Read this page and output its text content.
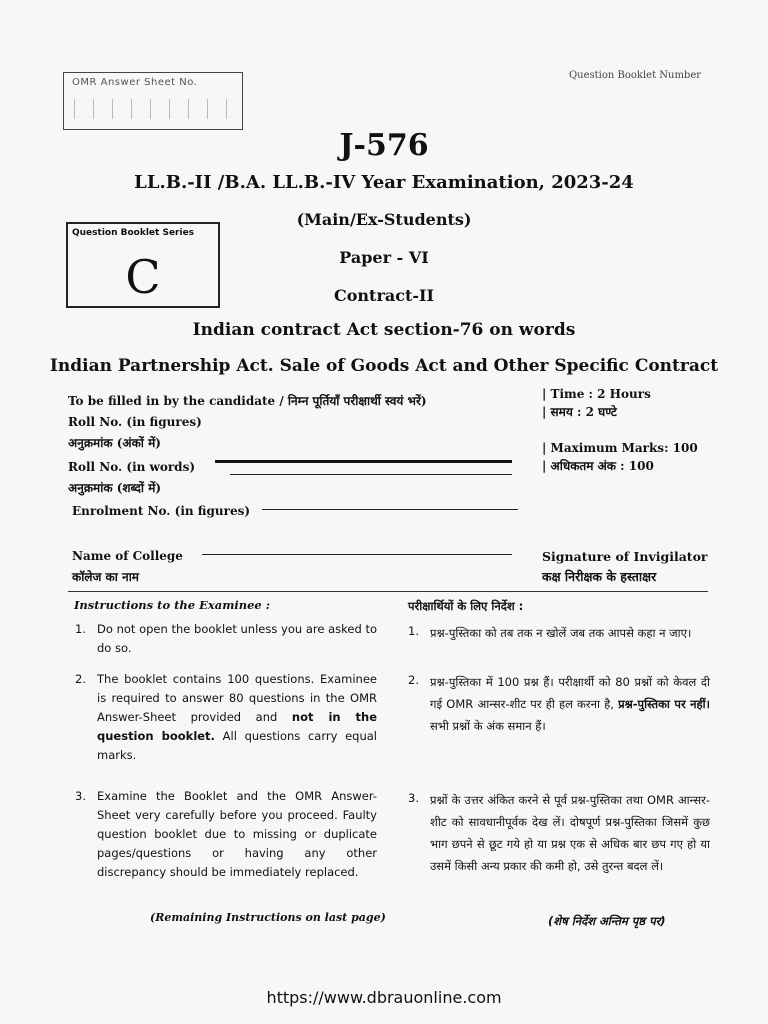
OMR Answer Sheet No.
Question Booklet Number
J-576
LL.B.-II /B.A. LL.B.-IV Year Examination, 2023-24
(Main/Ex-Students)
Paper - VI
Contract-II
Indian contract Act section-76 on words
Indian Partnership Act. Sale of Goods Act and Other Specific Contract
Question Booklet Series
C
To be filled in by the candidate / निम्न पूर्तियाँ परीक्षार्थी स्वयं भरें)
Roll No. (in figures)
अनुक्रमांक (अंकों में)
Roll No. (in words)
अनुक्रमांक (शब्दों में)
Enrolment No. (in figures)
| Time : 2 Hours
| समय : 2 घण्टे
| Maximum Marks: 100
| अधिकतम अंक : 100
Name of College
कॉलेज का नाम
Signature of Invigilator
कक्ष निरीक्षक के हस्ताक्षर
Instructions to the Examinee :
1. Do not open the booklet unless you are asked to do so.
2. The booklet contains 100 questions. Examinee is required to answer 80 questions in the OMR Answer-Sheet provided and not in the question booklet. All questions carry equal marks.
3. Examine the Booklet and the OMR Answer-Sheet very carefully before you proceed. Faulty question booklet due to missing or duplicate pages/questions or having any other discrepancy should be immediately replaced.
(Remaining Instructions on last page)
परीक्षार्थियों के लिए निर्देश :
1. प्रश्न-पुस्तिका को तब तक न खोलें जब तक आपसे कहा न जाए।
2. प्रश्न-पुस्तिका में 100 प्रश्न हैं। परीक्षार्थी को 80 प्रश्नों को केवल दी गई OMR आन्सर-शीट पर ही हल करना है, प्रश्न-पुस्तिका पर नहीं। सभी प्रश्नों के अंक समान हैं।
3. प्रश्नों के उत्तर अंकित करने से पूर्व प्रश्न-पुस्तिका तथा OMR आन्सर-शीट को सावधानीपूर्वक देख लें। दोषपूर्ण प्रश्न-पुस्तिका जिसमें कुछ भाग छपने से छूट गये हो या प्रश्न एक से अधिक बार छप गए हो या उसमें किसी अन्य प्रकार की कमी हो, उसे तुरन्त बदल लें।
(शेष निर्देश अन्तिम पृष्ठ पर)
https://www.dbrauonline.com
